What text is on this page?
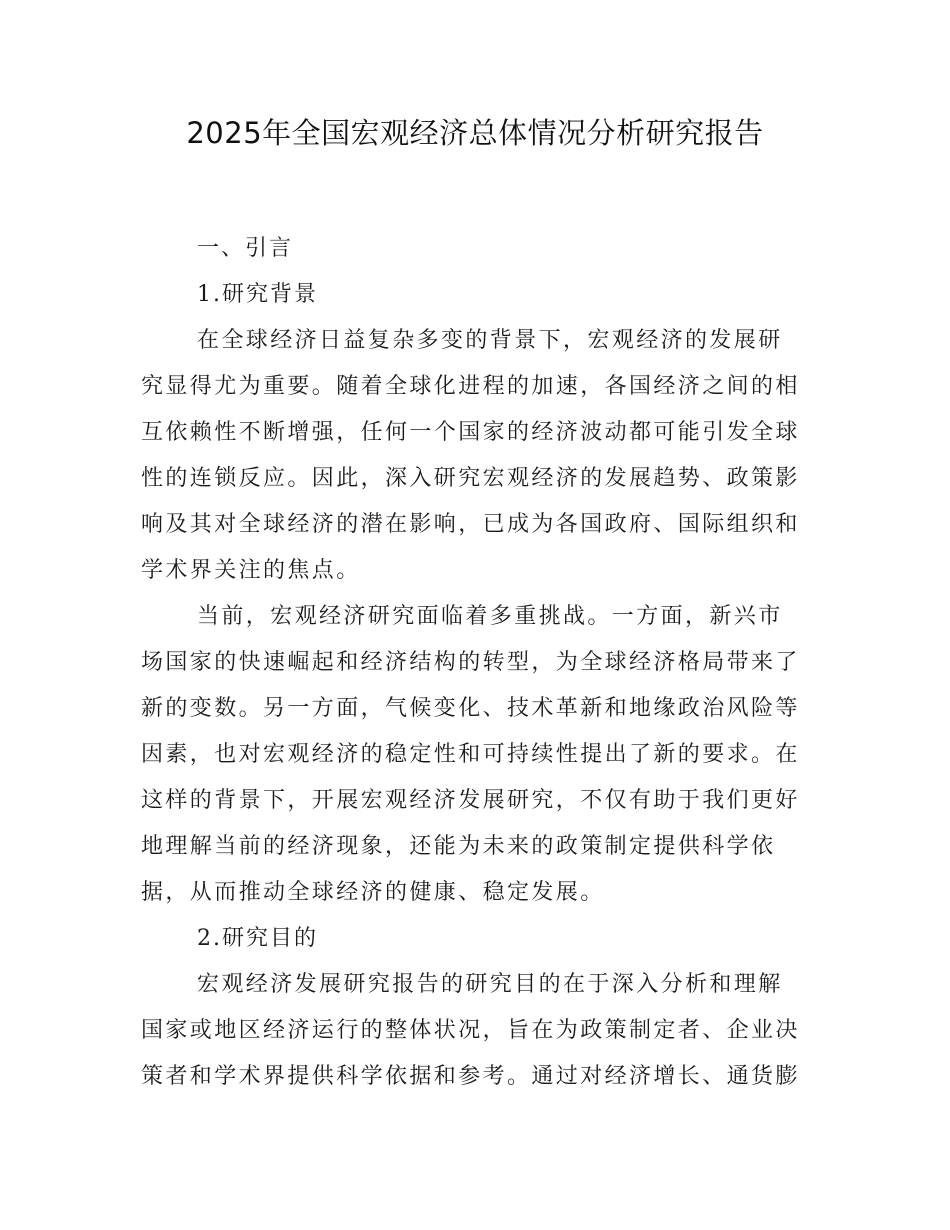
2025年全国宏观经济总体情况分析研究报告
一、引言
1.研究背景
在全球经济日益复杂多变的背景下，宏观经济的发展研
究显得尤为重要。随着全球化进程的加速，各国经济之间的相
互依赖性不断增强，任何一个国家的经济波动都可能引发全球
性的连锁反应。因此，深入研究宏观经济的发展趋势、政策影
响及其对全球经济的潜在影响，已成为各国政府、国际组织和
学术界关注的焦点。
当前，宏观经济研究面临着多重挑战。一方面，新兴市
场国家的快速崛起和经济结构的转型，为全球经济格局带来了
新的变数。另一方面，气候变化、技术革新和地缘政治风险等
因素，也对宏观经济的稳定性和可持续性提出了新的要求。在
这样的背景下，开展宏观经济发展研究，不仅有助于我们更好
地理解当前的经济现象，还能为未来的政策制定提供科学依
据，从而推动全球经济的健康、稳定发展。
2.研究目的
宏观经济发展研究报告的研究目的在于深入分析和理解
国家或地区经济运行的整体状况，旨在为政策制定者、企业决
策者和学术界提供科学依据和参考。通过对经济增长、通货膨
